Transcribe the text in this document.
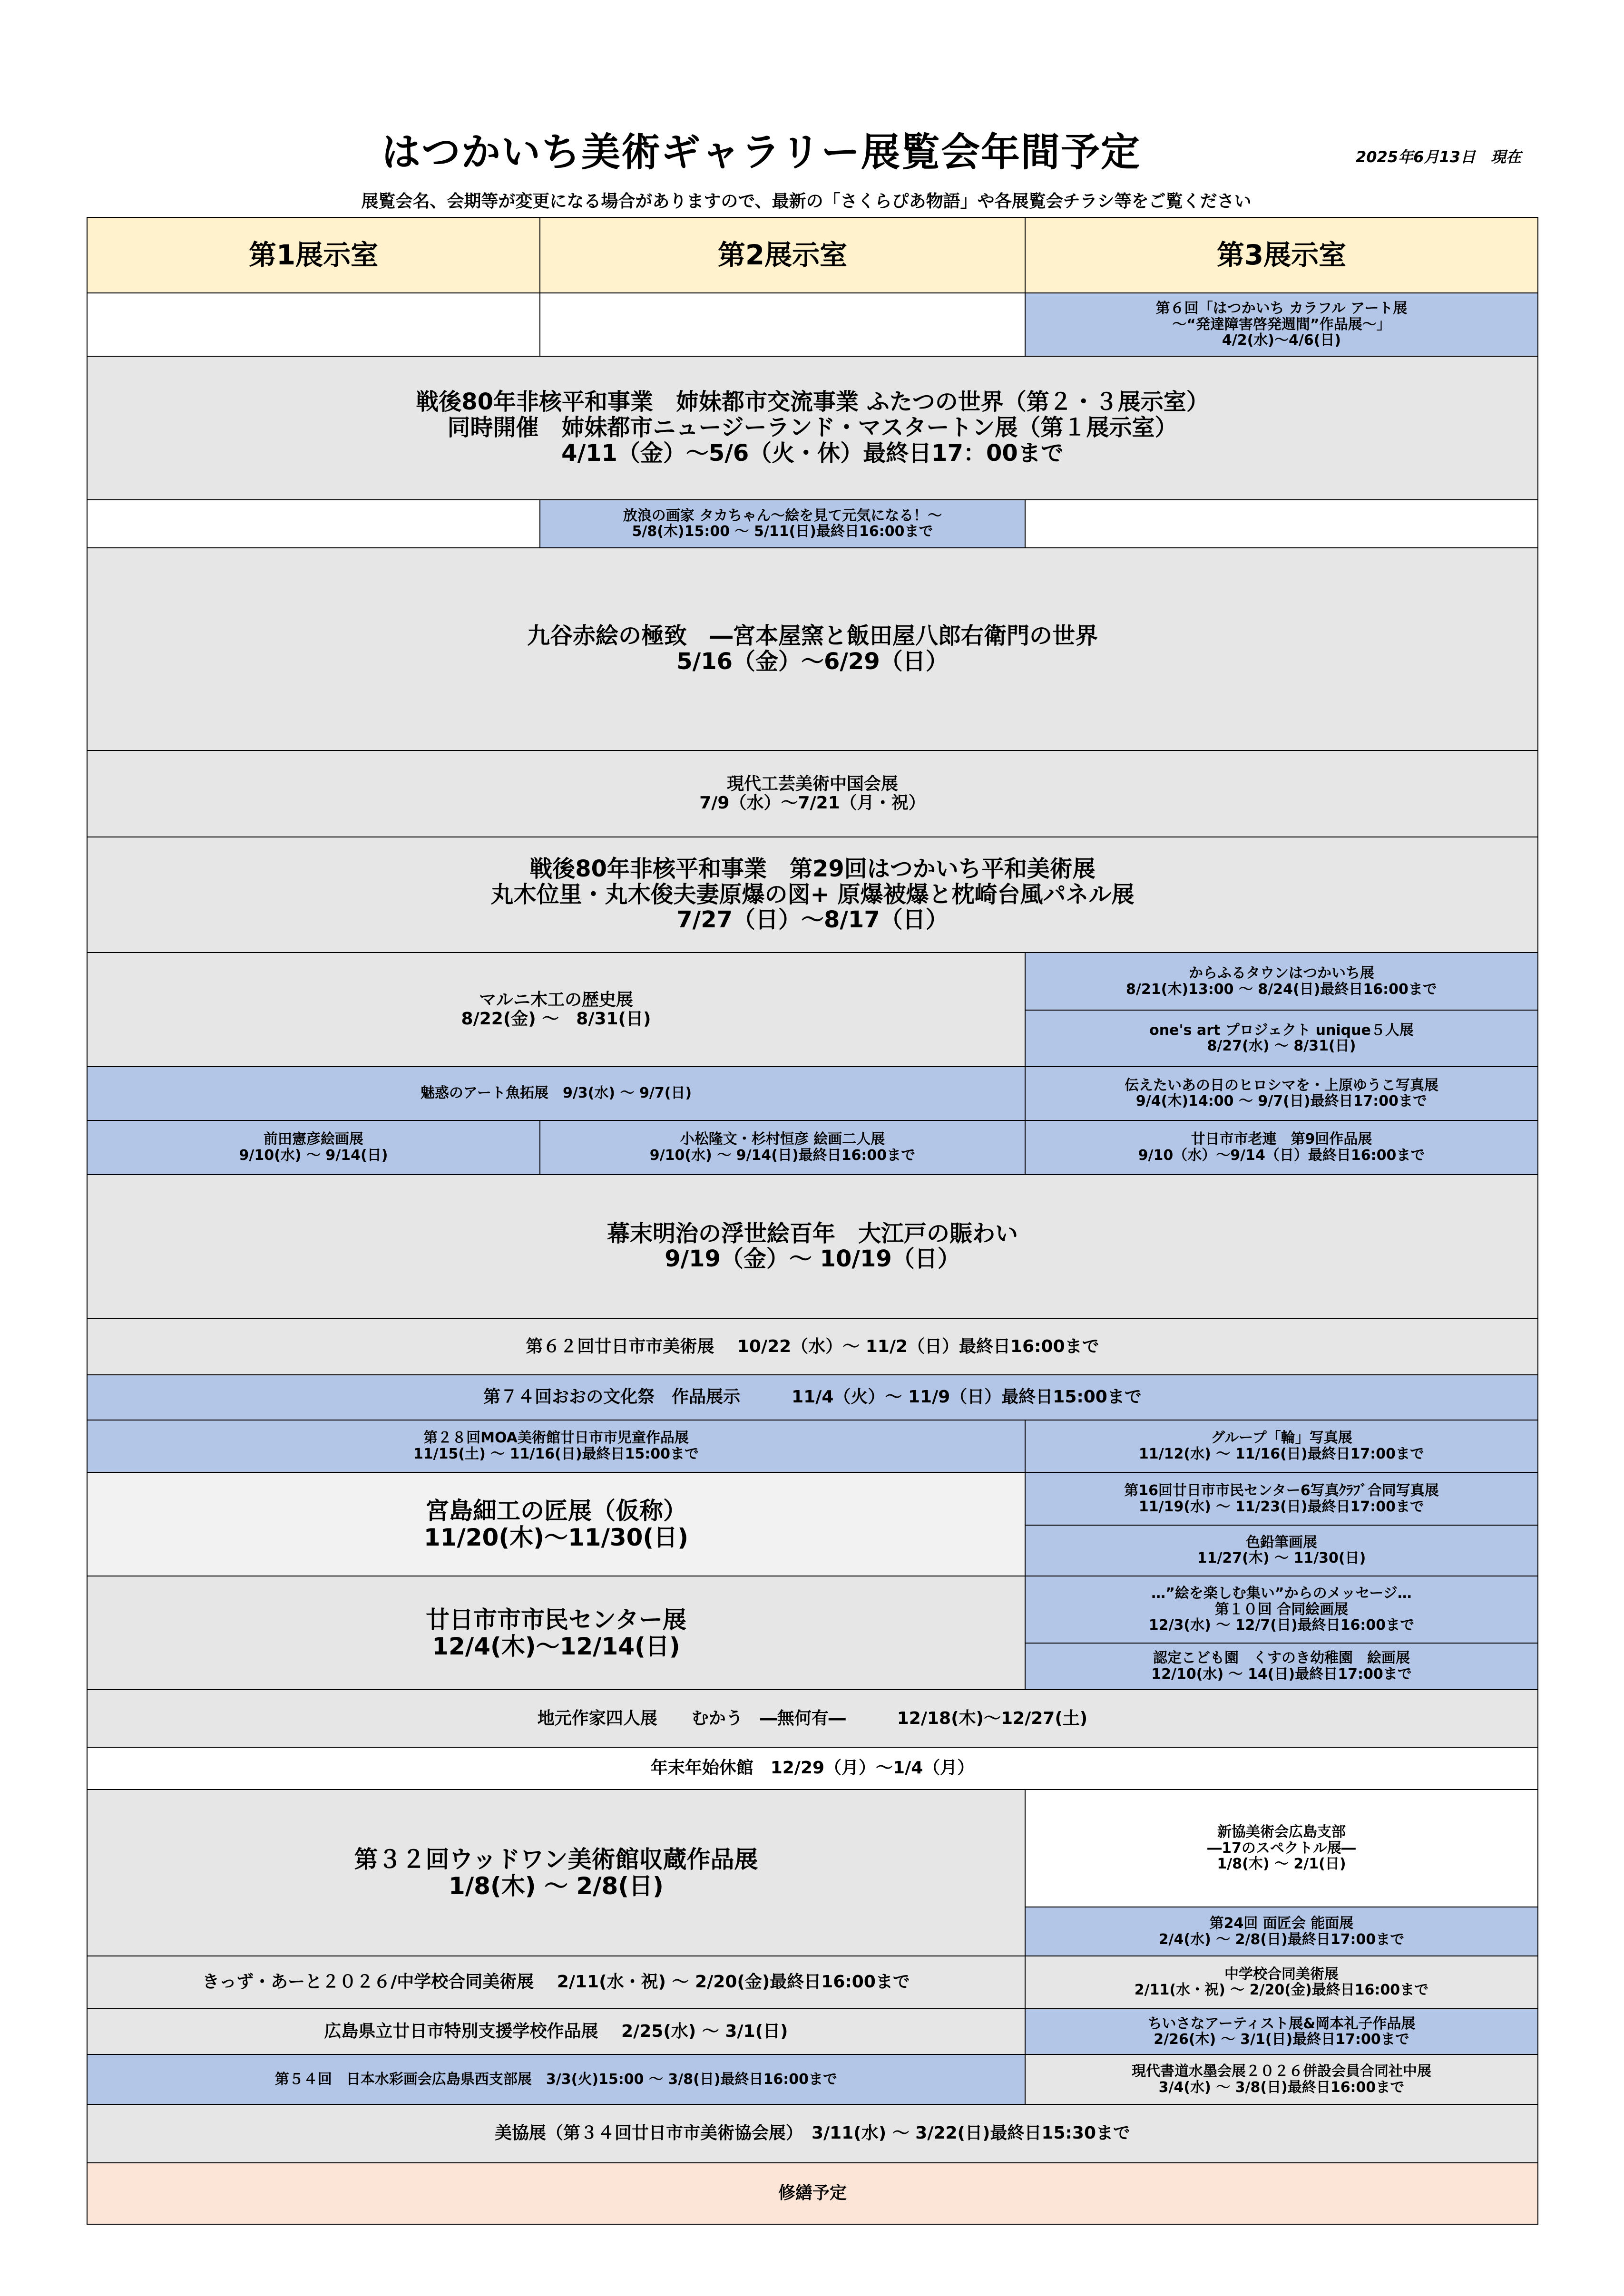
はつかいち美術ギャラリー展覧会年間予定	2025年6月13日　現在
展覧会名、会期等が変更になる場合がありますので、最新の「さくらぴあ物語」や各展覧会チラシ等をご覧ください
第1展示室	第2展示室	第3展示室

		第６回「はつかいち カラフル アート展
～“発達障害啓発週間”作品展～」
4/2(水)～4/6(日)

戦後80年非核平和事業　姉妹都市交流事業 ふたつの世界（第２・３展示室）
同時開催　姉妹都市ニュージーランド・マスタートン展（第１展示室）
4/11（金）～5/6（火・休）最終日17：00まで		

	放浪の画家 タカちゃん～絵を見て元気になる！～
5/8(木)15:00 ～ 5/11(日)最終日16:00まで	

九谷赤絵の極致　―宮本屋窯と飯田屋八郎右衛門の世界
5/16（金）～6/29（日）		

現代工芸美術中国会展
7/9（水）～7/21（月・祝）		

戦後80年非核平和事業　第29回はつかいち平和美術展
丸木位里・丸木俊夫妻原爆の図+ 原爆被爆と枕崎台風パネル展
7/27（日）～8/17（日）		

マルニ木工の歴史展
8/22(金) ～　8/31(日)		からふるタウンはつかいち展
8/21(木)13:00 ～ 8/24(日)最終日16:00まで

		one's art プロジェクト unique５人展
8/27(水) ～ 8/31(日)

魅惑のアート魚拓展　9/3(水) ～ 9/7(日)		伝えたいあの日のヒロシマを・上原ゆうこ写真展
9/4(木)14:00 ～ 9/7(日)最終日17:00まで

前田憲彦絵画展
9/10(水) ～ 9/14(日)	小松隆文・杉村恒彦 絵画二人展
9/10(水) ～ 9/14(日)最終日16:00まで	廿日市市老連　第9回作品展
9/10（水）～9/14（日）最終日16:00まで

幕末明治の浮世絵百年　大江戸の賑わい
9/19（金）～ 10/19（日）		

第６２回廿日市市美術展　 10/22（水）～ 11/2（日）最終日16:00まで		

第７４回おおの文化祭　作品展示　　　11/4（火）～ 11/9（日）最終日15:00まで		

第２８回MOA美術館廿日市市児童作品展
11/15(土) ～ 11/16(日)最終日15:00まで		グループ「輪」写真展
11/12(水) ～ 11/16(日)最終日17:00まで

宮島細工の匠展（仮称）
11/20(木)～11/30(日)		第16回廿日市市民センター6写真ｸﾗﾌﾞ合同写真展
11/19(水) ～ 11/23(日)最終日17:00まで

		色鉛筆画展
11/27(木) ～ 11/30(日)

廿日市市市民センター展
12/4(木)～12/14(日)		…”絵を楽しむ集い”からのメッセージ…
第１０回 合同絵画展
12/3(水) ～ 12/7(日)最終日16:00まで

		認定こども園　くすのき幼稚園　絵画展
12/10(水) ～ 14(日)最終日17:00まで

地元作家四人展　　むかう　―無何有―　　　12/18(木)～12/27(土)		

年末年始休館　12/29（月）～1/4（月）		

第３２回ウッドワン美術館収蔵作品展
1/8(木) ～ 2/8(日)		新協美術会広島支部
―17のスペクトル展―
1/8(木) ～ 2/1(日)

		第24回 面匠会 能面展
2/4(水) ～ 2/8(日)最終日17:00まで

きっず・あーと２０２６/中学校合同美術展　 2/11(水・祝) ～ 2/20(金)最終日16:00まで		中学校合同美術展
2/11(水・祝) ～ 2/20(金)最終日16:00まで

広島県立廿日市特別支援学校作品展　 2/25(水) ～ 3/1(日)		ちいさなアーティスト展&岡本礼子作品展
2/26(木) ～ 3/1(日)最終日17:00まで

第５４回　日本水彩画会広島県西支部展　3/3(火)15:00 ～ 3/8(日)最終日16:00まで		現代書道水墨会展２０２６併設会員合同社中展
3/4(水) ～ 3/8(日)最終日16:00まで

美協展（第３４回廿日市市美術協会展）　3/11(水) ～ 3/22(日)最終日15:30まで		

修繕予定		
